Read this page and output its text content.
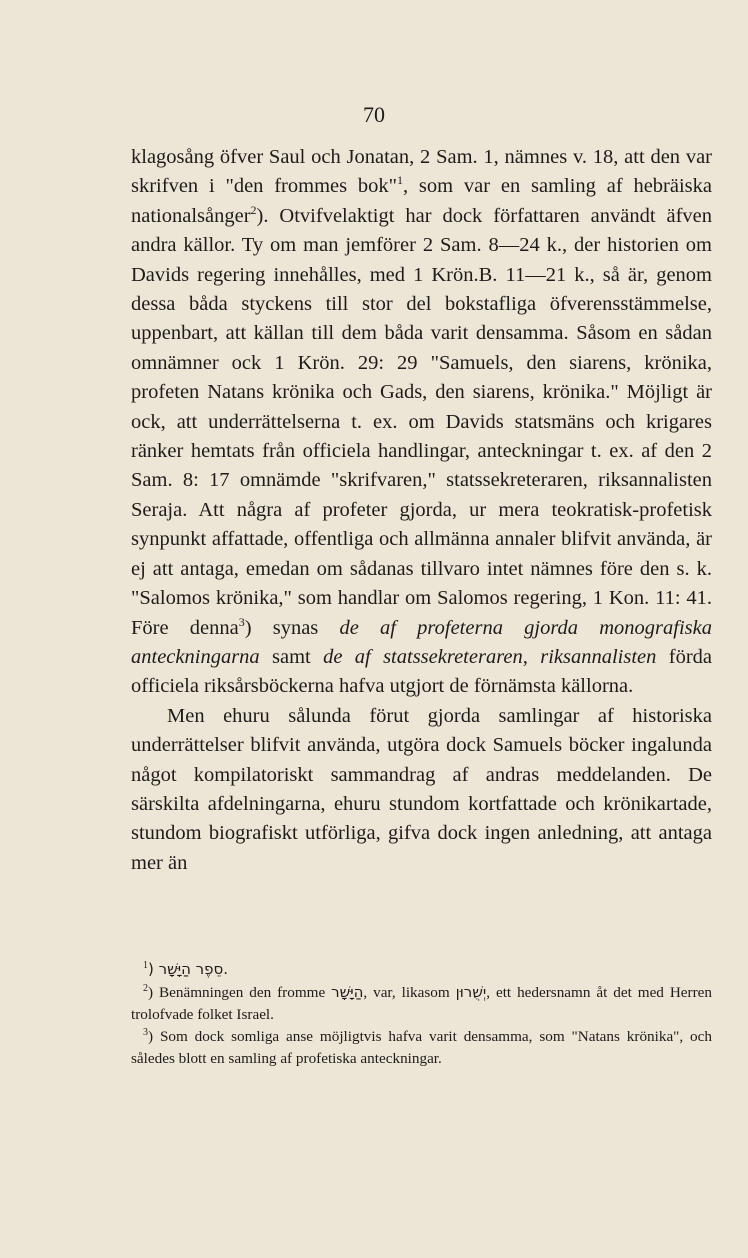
70

klagosång öfver Saul och Jonatan, 2 Sam. 1, nämnes v. 18, att den var skrifven i "den frommes bok"$^1$, som var en samling af hebräiska nationalsånger$^2$). Otvifvelaktigt har dock författaren användt äfven andra källor. Ty om man jemförer 2 Sam. 8—24 k., der historien om Davids regering innehålles, med 1 Krön.B. 11—21 k., så är, genom dessa båda styckens till stor del bokstafliga öfverensstämmelse, uppenbart, att källan till dem båda varit densamma. Såsom en sådan omnämner ock 1 Krön. 29: 29 "Samuels, den siarens, krönika, profeten Natans krönika och Gads, den siarens, krönika." Möjligt är ock, att underrättelserna t. ex. om Davids statsmäns och krigares ränker hemtats från officiela handlingar, anteckningar t. ex. af den 2 Sam. 8: 17 omnämde "skrifvaren," statssekreteraren, riksannalisten Seraja. Att några af profeter gjorda, ur mera teokratisk-profetisk synpunkt affattade, offentliga och allmänna annaler blifvit använda, är ej att antaga, emedan om sådanas tillvaro intet nämnes före den s. k. "Salomos krönika," som handlar om Salomos regering, 1 Kon. 11: 41. Före denna$^3$) synas de af profeterna gjorda monografiska anteckningarna samt de af statssekreteraren, riksannalisten förda officiela riksårsböckerna hafva utgjort de förnämsta källorna.

Men ehuru sålunda förut gjorda samlingar af historiska underrättelser blifvit använda, utgöra dock Samuels böcker ingalunda något kompilatoriskt sammandrag af andras meddelanden. De särskilta afdelningarna, ehuru stundom kortfattade och krönikartade, stundom biografiskt utförliga, gifva dock ingen anledning, att antaga mer än

$^1$) סֵפֶר הַיָּשָׁר.

$^2$) Benämningen den fromme הַיָּשָׁר, var, likasom יְשֻׁרוּן, ett hedersnamn åt det med Herren trolofvade folket Israel.

$^3$) Som dock somliga anse möjligtvis hafva varit densamma, som "Natans krönika", och således blott en samling af profetiska anteckningar.
